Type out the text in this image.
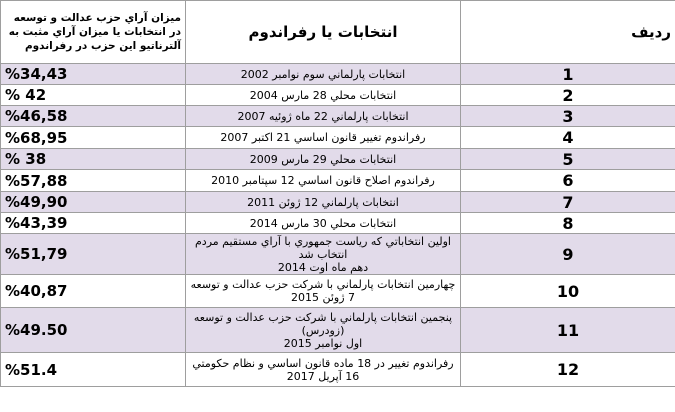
ميزان آراي حزب عدالت و توسعه در انتخابات يا ميزان آراي مثبت به آلترناتيو اين حزب در رفراندوم	انتخابات يا رفراندوم	رديف
%34,43	انتخابات پارلماني سوم نوامبر 2002	1
% 42	انتخابات محلي 28 مارس 2004	2
%46,58	انتخابات پارلماني 22 ماه ژوئيه 2007	3
%68,95	رفراندوم تغيير قانون اساسي 21 اكتبر 2007	4
% 38	انتخابات محلي 29 مارس 2009	5
%57,88	رفراندوم اصلاح قانون اساسي 12 سپتامبر 2010	6
%49,90	انتخابات پارلماني 12 ژوئن 2011	7
%43,39	انتخابات محلي 30 مارس 2014	8
%51,79	اولين انتخاباتي كه رياست جمهوري با آراي مستقيم مردم
انتخاب شد
دهم ماه اوت 2014	9
%40,87	چهارمين انتخابات پارلماني با شركت حزب عدالت و توسعه
7 ژوئن 2015	10
%49.50	پنجمين انتخابات پارلماني با شركت حزب عدالت و توسعه
(زودرس)
اول نوامبر 2015	11
%51.4	رفراندوم تغيير در 18 ماده قانون اساسي و نظام حكومتي
16 آپريل 2017	12
